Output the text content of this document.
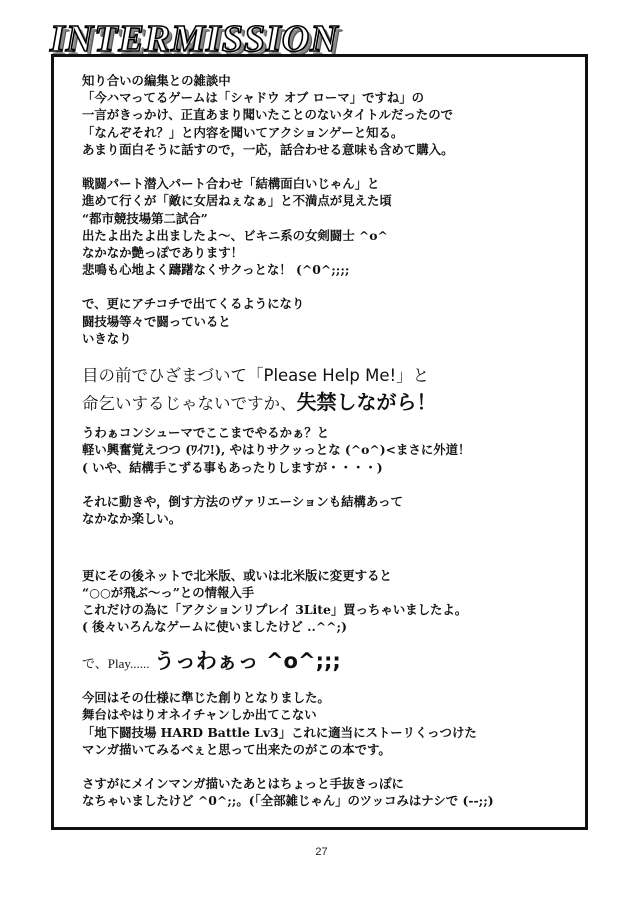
INTERMISSION
知り合いの編集との雑談中
「今ハマってるゲームは「シャドウ オブ ローマ」ですね」の
一言がきっかけ、正直あまり聞いたことのないタイトルだったので
「なんぞそれ？」と内容を聞いてアクションゲーと知る。
あまり面白そうに話すので，一応，話合わせる意味も含めて購入。
戦闘パート潜入パート合わせ「結構面白いじゃん」と
進めて行くが「敵に女居ねぇなぁ」と不満点が見えた頃
“都市競技場第二試合”
出たよ出たよ出ましたよ～、ビキニ系の女剣闘士 ^o^
なかなか艶っぽであります！
悲鳴も心地よく躊躇なくサクっとな！ (^0^;;;;
で、更にアチコチで出てくるようになり
闘技場等々で闘っていると
いきなり
目の前でひざまづいて「Please Help Me!」と
命乞いするじゃないですか、失禁しながら！
うわぁコンシューマでここまでやるかぁ？と
軽い興奮覚えつつ (ﾜｲﾌ!), やはりサクッっとな (^o^)<まさに外道！
( いや、結構手こずる事もあったりしますが・・・・)
それに動きや，倒す方法のヴァリエーションも結構あって
なかなか楽しい。
更にその後ネットで北米版、或いは北米版に変更すると
“○○が飛ぶ～っ”との情報入手
これだけの為に「アクションリプレイ 3Lite」買っちゃいましたよ。
( 後々いろんなゲームに使いましたけど ..^^;)
で、Play...... うっわぁっ ^o^;;;
今回はその仕様に準じた創りとなりました。
舞台はやはりオネイチャンしか出てこない
「地下闘技場 HARD Battle Lv3」これに適当にストーリくっつけた
マンガ描いてみるべぇと思って出来たのがこの本です。
さすがにメインマンガ描いたあとはちょっと手抜きっぽに
なちゃいましたけど ^0^;;。(「全部雑じゃん」のツッコみはナシで (--;;)
27
